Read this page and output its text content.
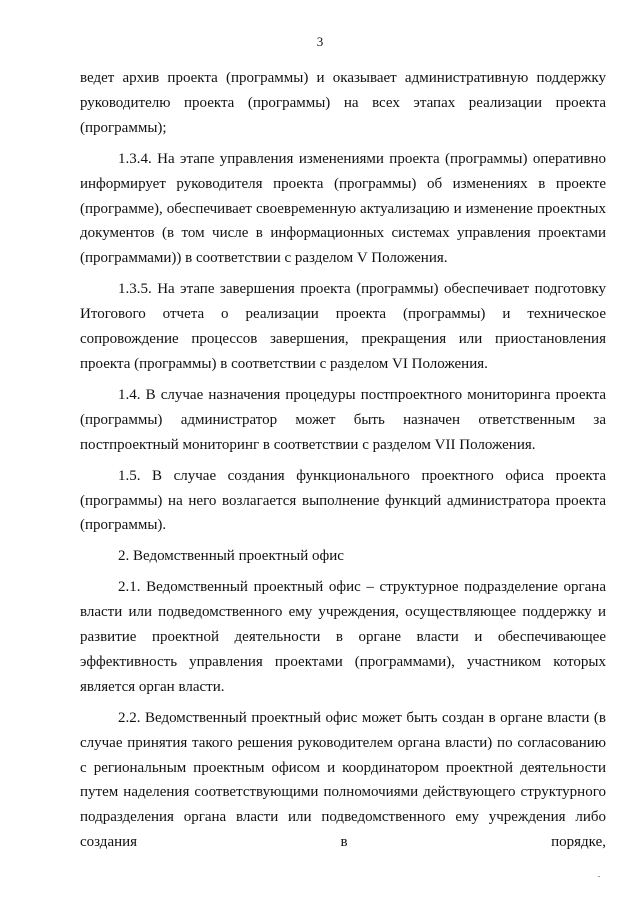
3

ведет архив проекта (программы) и оказывает административную поддержку руководителю проекта (программы) на всех этапах реализации проекта (программы);

1.3.4. На этапе управления изменениями проекта (программы) оперативно информирует руководителя проекта (программы) об изменениях в проекте (программе), обеспечивает своевременную актуализацию и изменение проектных документов (в том числе в информационных системах управления проектами (программами)) в соответствии с разделом V Положения.

1.3.5. На этапе завершения проекта (программы) обеспечивает подготовку Итогового отчета о реализации проекта (программы) и техническое сопровождение процессов завершения, прекращения или приостановления проекта (программы) в соответствии с разделом VI Положения.

1.4. В случае назначения процедуры постпроектного мониторинга проекта (программы) администратор может быть назначен ответственным за постпроектный мониторинг в соответствии с разделом VII Положения.

1.5. В случае создания функционального проектного офиса проекта (программы) на него возлагается выполнение функций администратора проекта (программы).

2. Ведомственный проектный офис

2.1. Ведомственный проектный офис – структурное подразделение органа власти или подведомственного ему учреждения, осуществляющее поддержку и развитие проектной деятельности в органе власти и обеспечивающее эффективность управления проектами (программами), участником которых является орган власти.

2.2. Ведомственный проектный офис может быть создан в органе власти (в случае принятия такого решения руководителем органа власти) по согласованию с региональным проектным офисом и координатором проектной деятельности путем наделения соответствующими полномочиями действующего структурного подразделения органа власти или подведомственного ему учреждения либо создания в порядке,
